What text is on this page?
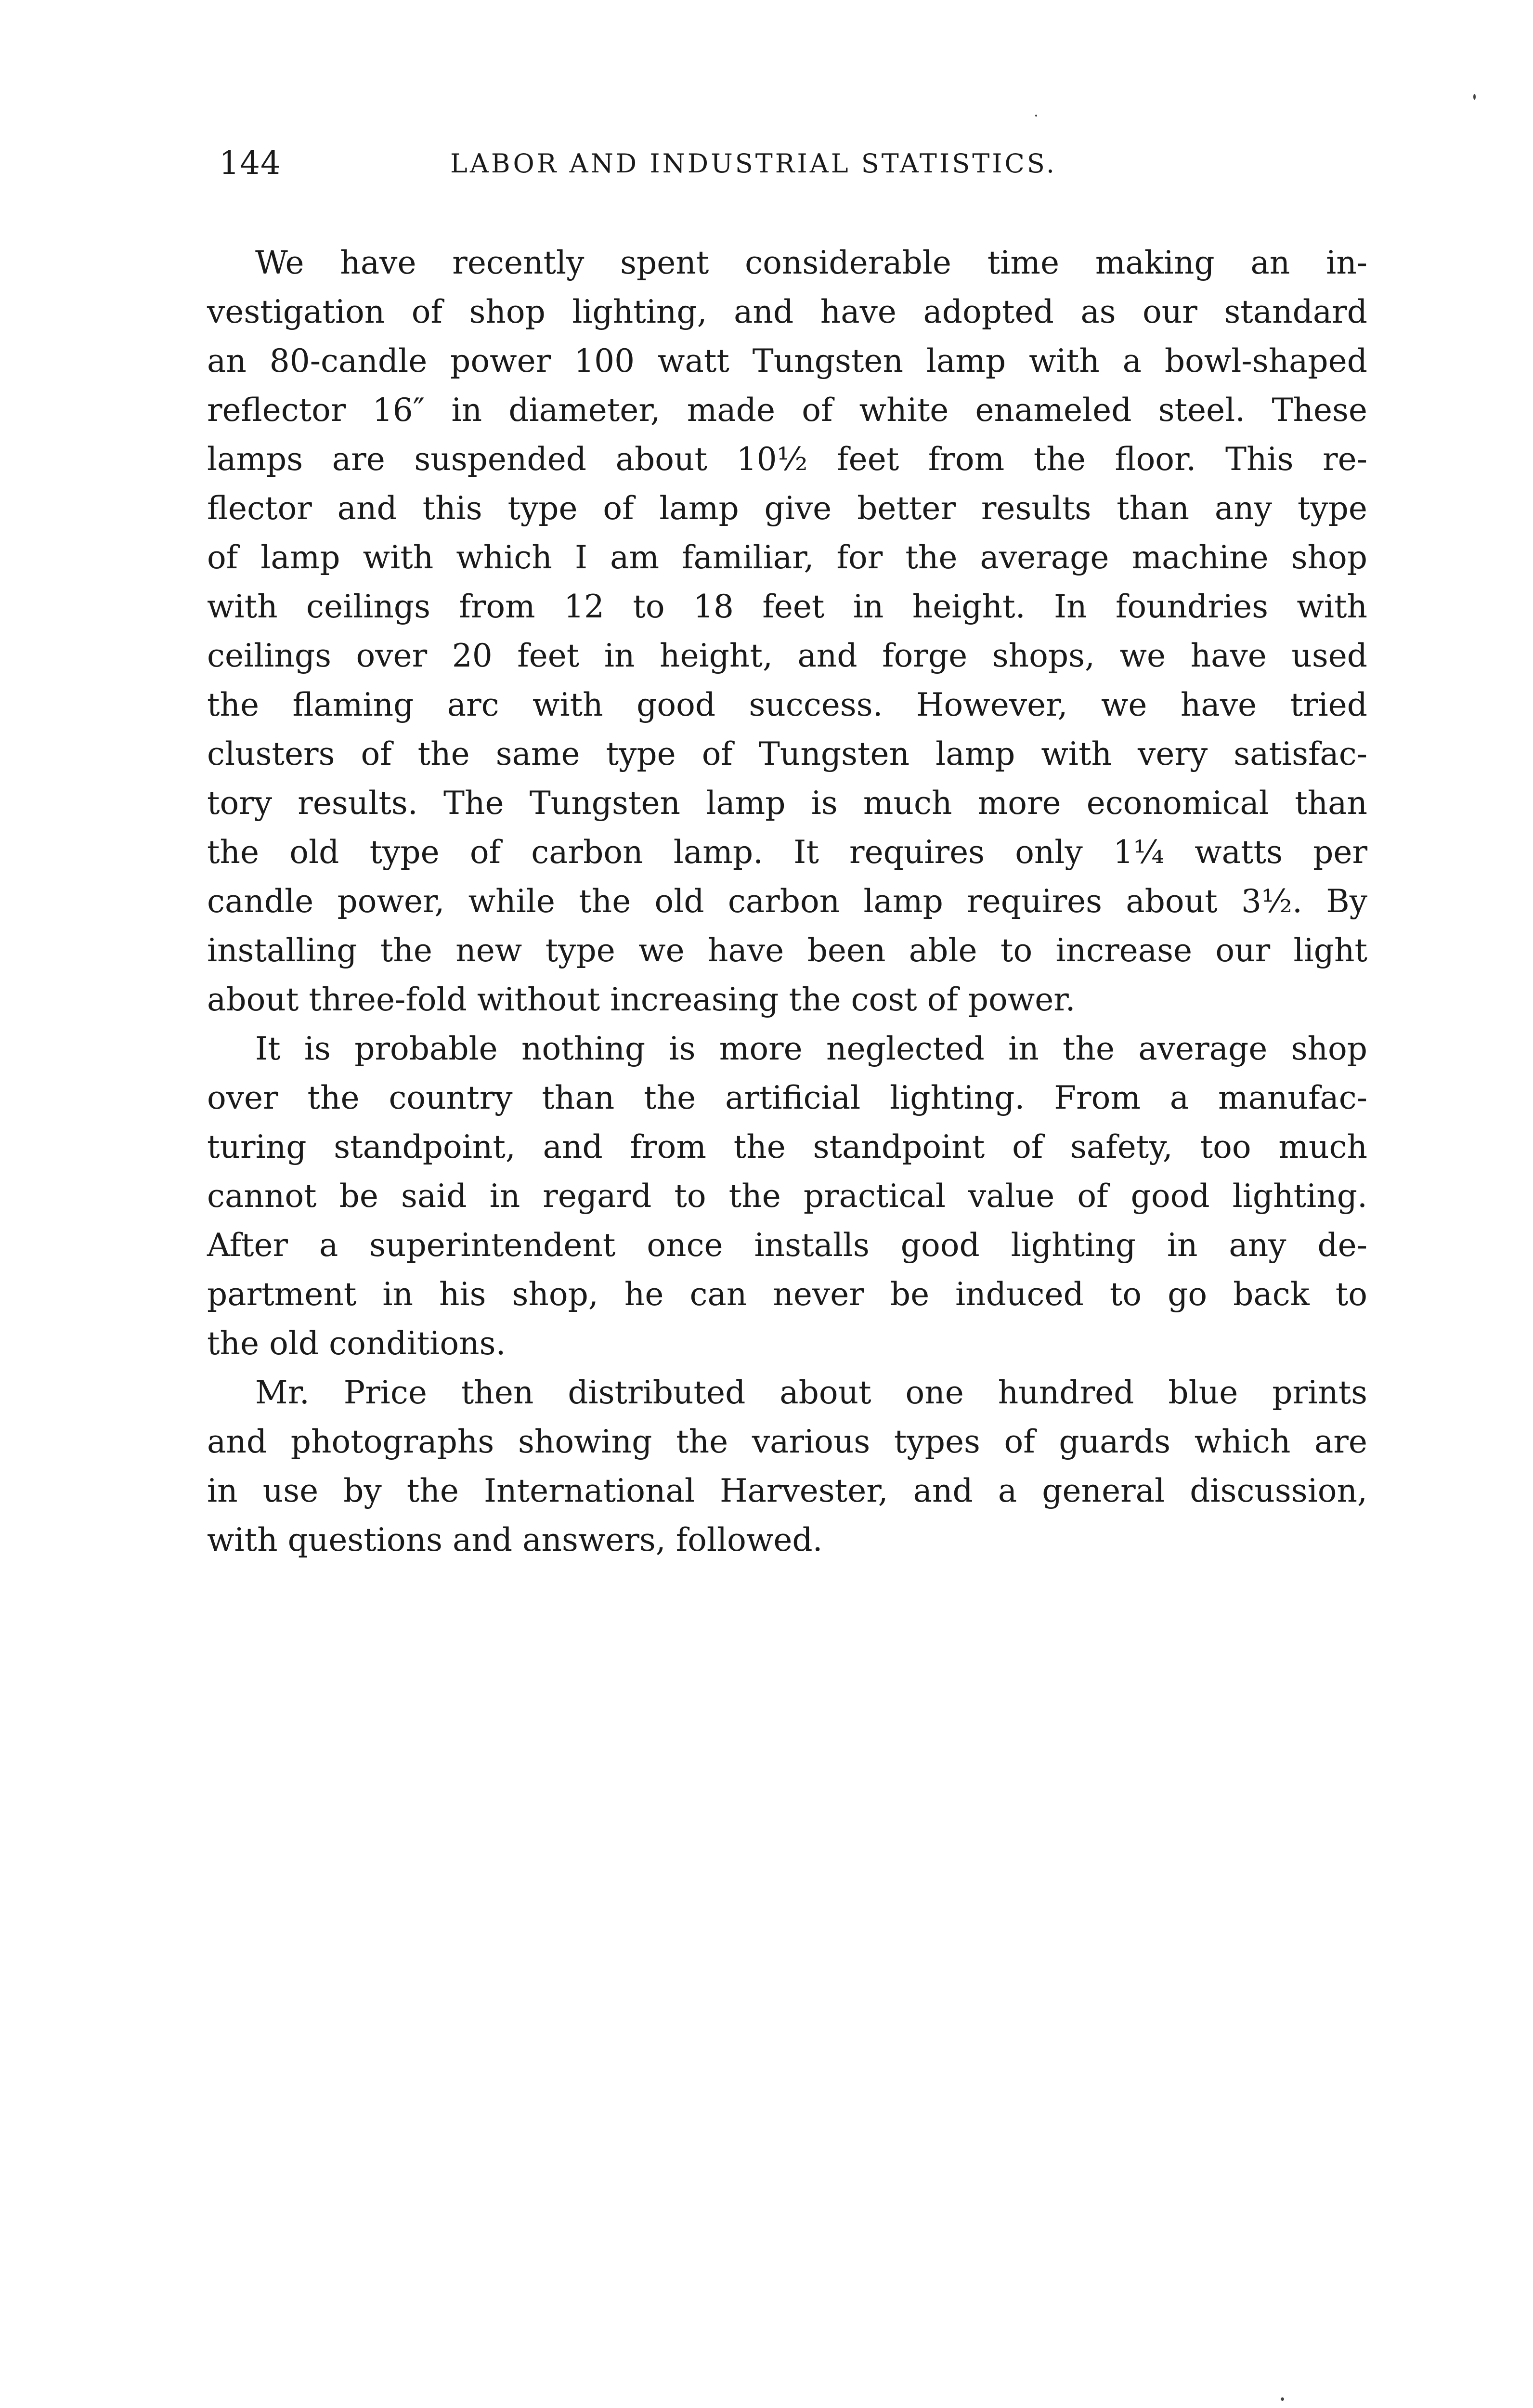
144	LABOR AND INDUSTRIAL STATISTICS.
We have recently spent considerable time making an in-
vestigation of shop lighting, and have adopted as our standard
an 80-candle power 100 watt Tungsten lamp with a bowl-shaped
reflector 16″ in diameter, made of white enameled steel. These
lamps are suspended about 10½ feet from the floor. This re-
flector and this type of lamp give better results than any type
of lamp with which I am familiar, for the average machine shop
with ceilings from 12 to 18 feet in height. In foundries with
ceilings over 20 feet in height, and forge shops, we have used
the flaming arc with good success. However, we have tried
clusters of the same type of Tungsten lamp with very satisfac-
tory results. The Tungsten lamp is much more economical than
the old type of carbon lamp. It requires only 1¼ watts per
candle power, while the old carbon lamp requires about 3½. By
installing the new type we have been able to increase our light
about three-fold without increasing the cost of power.
It is probable nothing is more neglected in the average shop
over the country than the artificial lighting. From a manufac-
turing standpoint, and from the standpoint of safety, too much
cannot be said in regard to the practical value of good lighting.
After a superintendent once installs good lighting in any de-
partment in his shop, he can never be induced to go back to
the old conditions.
Mr. Price then distributed about one hundred blue prints
and photographs showing the various types of guards which are
in use by the International Harvester, and a general discussion,
with questions and answers, followed.
